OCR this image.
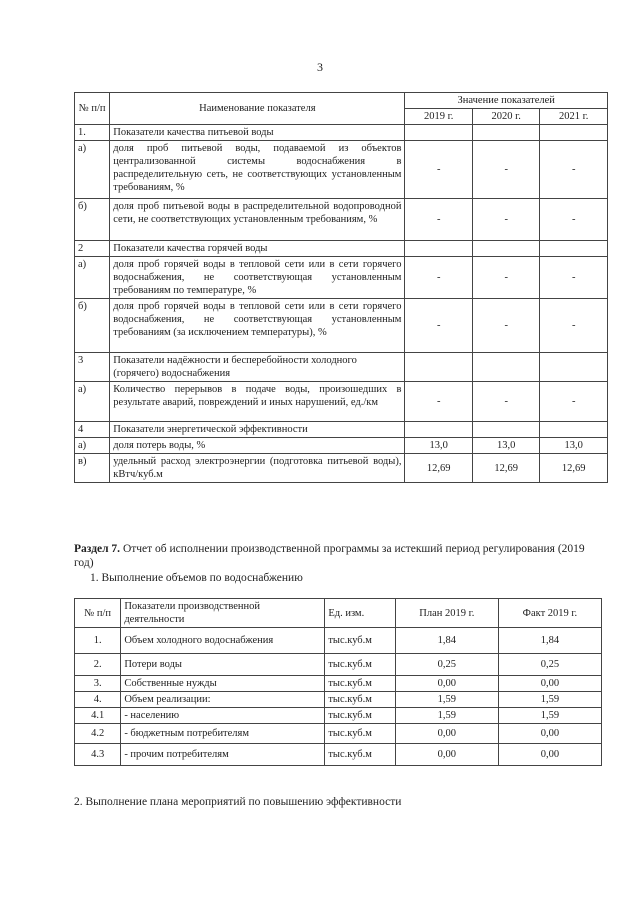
3
№ п/п	Наименование показателя	Значение показателей		
		2019 г.	2020 г.	2021 г.
1.	Показатели качества питьевой воды			
а)	доля проб питьевой воды, подаваемой из объектов централизованной системы водоснабжения в распределительную сеть, не соответствующих установленным требованиям, %	-	-	-
б)	доля проб питьевой воды в распределительной водопроводной сети, не соответствующих установленным требованиям, %	-	-	-
2	Показатели качества горячей воды			
а)	доля проб горячей воды в тепловой сети или в сети горячего водоснабжения, не соответствующая установленным требованиям по температуре, %	-	-	-
б)	доля проб горячей воды в тепловой сети или в сети горячего водоснабжения, не соответствующая установленным требованиям (за исключением температуры), %	-	-	-
3	Показатели надёжности и бесперебойности холодного (горячего) водоснабжения			
а)	Количество перерывов в подаче воды, произошедших в результате аварий, повреждений и иных нарушений, ед./км	-	-	-
4	Показатели энергетической эффективности			
а)	доля потерь воды, %	13,0	13,0	13,0
в)	удельный расход электроэнергии (подготовка питьевой воды), кВтч/куб.м	12,69	12,69	12,69
Раздел 7. Отчет об исполнении производственной программы за истекший период регулирования (2019 год)
1. Выполнение объемов по водоснабжению
№ п/п	Показатели производственной деятельности	Ед. изм.	План 2019 г.	Факт 2019 г.
1.	Объем холодного водоснабжения	тыс.куб.м	1,84	1,84
2.	Потери воды	тыс.куб.м	0,25	0,25
3.	Собственные нужды	тыс.куб.м	0,00	0,00
4.	Объем реализации:	тыс.куб.м	1,59	1,59
4.1	- населению	тыс.куб.м	1,59	1,59
4.2	- бюджетным потребителям	тыс.куб.м	0,00	0,00
4.3	- прочим потребителям	тыс.куб.м	0,00	0,00
2. Выполнение плана мероприятий по повышению эффективности
